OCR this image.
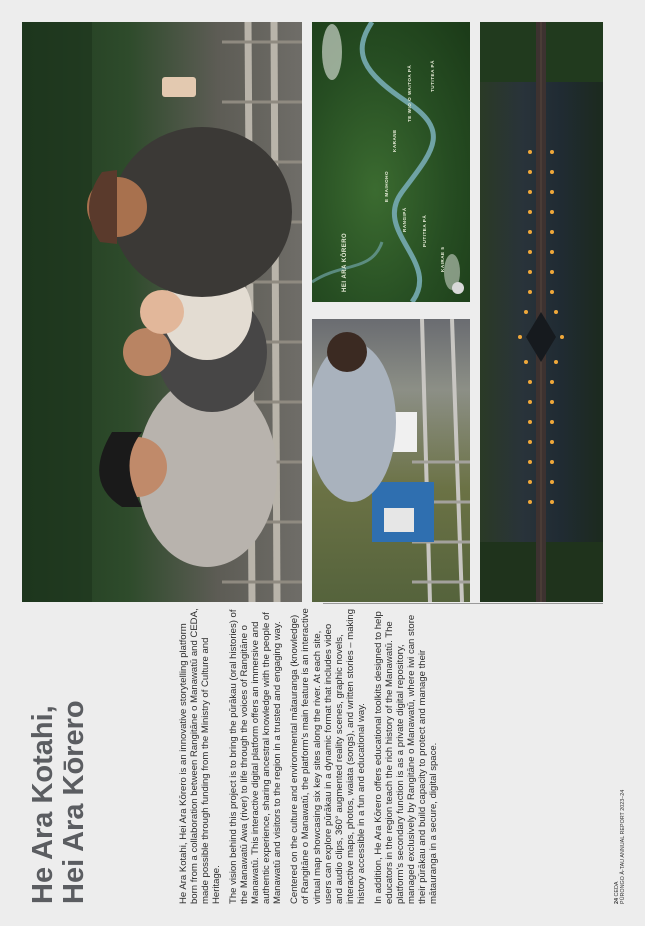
He Ara Kotahi, Hei Ara Kōrero	He Ara Kotahi, Hei Ara Kōrero is an innovative storytelling platform born from a collaboration between Rangitāne o Manawatū and CEDA, made possible through funding from the Ministry of Culture and Heritage. The vision behind this project is to bring the pūrākau (oral histories) of the Manawatū Awa (river) to life through the voices of Rangitāne o Manawatū. This interactive digital platform offers an immersive and authentic experience, sharing ancestral knowledge with the people of Manawatū and visitors to the region in a trusted and engaging way. Centered on the culture and environmental mātauranga (knowledge) of Rangitāne o Manawatū, the platform's main feature is an interactive virtual map showcasing six key sites along the river. At each site, users can explore pūrākau in a dynamic format that includes video and audio clips, 360° augmented reality scenes, graphic novels, interactive maps, photos, waiata (songs), and written stories – making history accessible in a fun and educational way. In addition, He Ara Kōrero offers educational toolkits designed to help educators in the region teach the rich history of the Manawatū. The platform's secondary function is as a private digital repository, managed exclusively by Rangitāne o Manawatū, where iwi can store their pūrākau and build capacity to protect and manage their mātauranga in a secure, digital space.	24 CEDA PŪRONGO Ā-TAU ANNUAL REPORT 2023–24
HEI ARA KŌRERO
TE WIO O WAITOA PĀ
KARANE
E MAIHOHO
RANGIPĀ	PUTITEA PĀ
KAIRAE 5
TUTITEA PĀ
